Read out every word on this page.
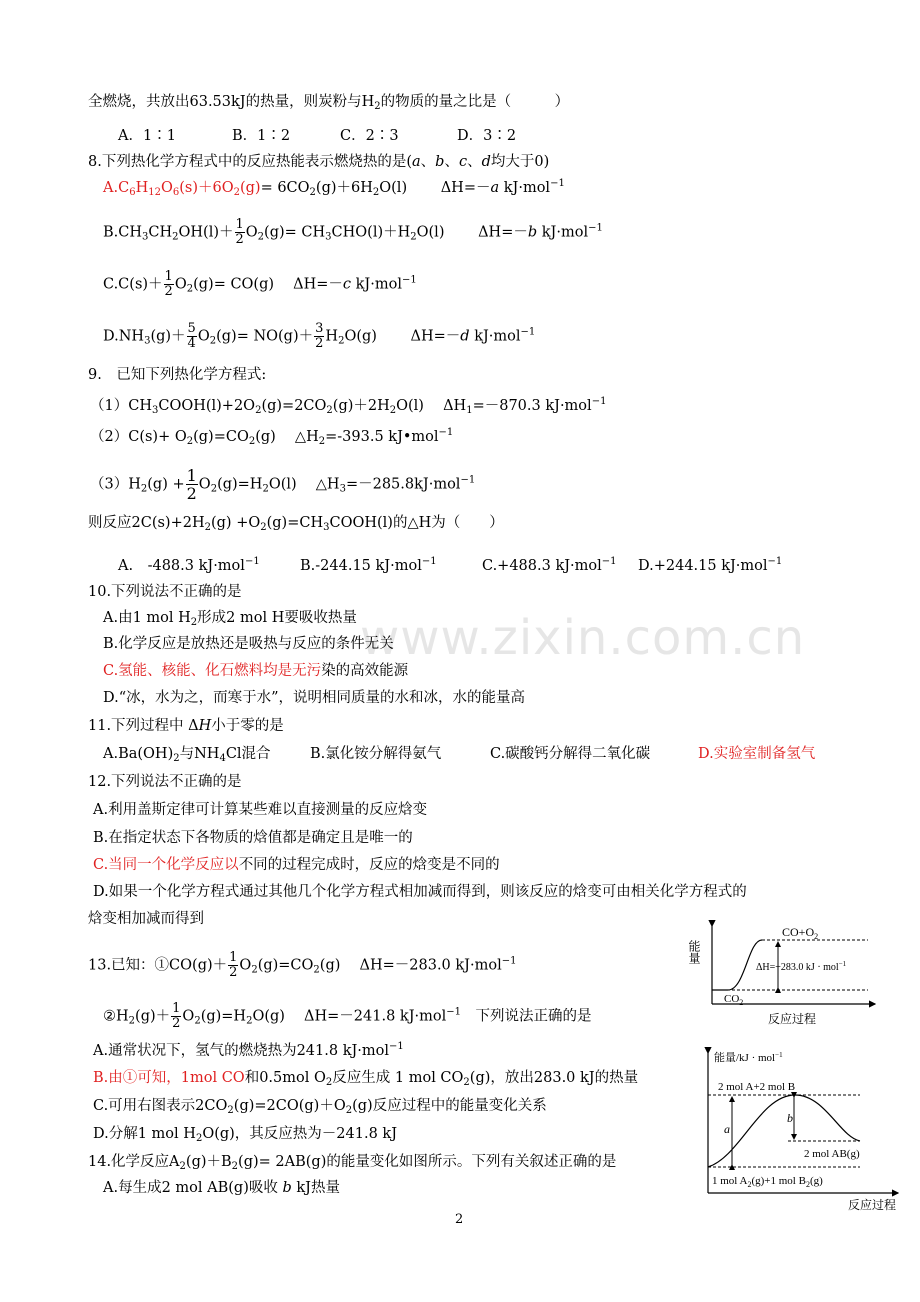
www.zixin.com.cn
全燃烧，共放出63.53kJ的热量，则炭粉与$H_2$的物质的量之比是（　　　）
A．1∶1	B．1∶2	C．2∶3	D．3∶2
8.下列热化学方程式中的反应热能表示燃烧热的是(a、b、c、d均大于0)
$A.C_6H_{12}O_6(s)+6O_2(g)= 6CO_2(g)+6H_2O(l)$　　 ΔH=－a kJ·mol$^{-1}$
$B.CH_3CH_2OH(l)+ \frac{1}{2} O_2(g)= CH_3CHO(l)+H_2O(l)$　　 ΔH=－b kJ·mol$^{-1}$
$C.C(s)+ \frac{1}{2} O_2(g)= CO(g)$　 ΔH=－c kJ·mol$^{-1}$
$D.NH_3(g)+ \frac{5}{4} O_2(g)= NO(g)+ \frac{3}{2} H_2O(g)$　　 ΔH=－d kJ·mol$^{-1}$
9.　已知下列热化学方程式:
$(1)CH_3COOH(l)+2O_2(g)=2CO_2(g)+2H_2O(l)$　 $\Delta H_1=-870.3$ kJ·mol$^{-1}$
$(2)C(s)+ O_2(g)=CO_2(g)$　 $\triangle H_2=-393.5$ kJ•mol$^{-1}$
$(3)H_2(g) + \frac{1}{2} O_2(g)=H_2O(l)$　 $\triangle H_3=-285.8kJ\cdot mol^{-1}$
则反应$2C(s)+2H_2(g)$ $+O_2(g)=CH_3COOH(l)$的△H为（　　）
A.　-488.3 kJ·mol$^{-1}$	B.-244.15 kJ·mol$^{-1}$	C.+488.3 kJ·mol$^{-1}$ D.+244.15 kJ·mol$^{-1}$
10.下列说法不正确的是
A.由1 mol $H_2$形成2 mol H要吸收热量
B.化学反应是放热还是吸热与反应的条件无关
C.氢能、核能、化石燃料均是无污染的高效能源
D.“冰，水为之，而寒于水”，说明相同质量的水和冰，水的能量高
11.下列过程中 ΔH小于零的是
$A.Ba(OH)_2$与$NH_4Cl$混合	B.氯化铵分解得氨气	C.碳酸钙分解得二氧化碳	D.实验室制备氢气
12.下列说法不正确的是
A.利用盖斯定律可计算某些难以直接测量的反应焓变
B.在指定状态下各物质的焓值都是确定且是唯一的
C.当同一个化学反应以不同的过程完成时，反应的焓变是不同的
D.如果一个化学方程式通过其他几个化学方程式相加减而得到，则该反应的焓变可由相关化学方程式的
焓变相加减而得到
13.已知：①CO(g)＋ $\frac{1}{2} O_2(g)=CO_2(g)$　 ΔH=－283.0 kJ·mol$^{-1}$
$②H_2(g)+ \frac{1}{2} O_2(g)=H_2O(g)$　 ΔH=－241.8 kJ·mol$^{-1}$　下列说法正确的是
A.通常状况下，氢气的燃烧热为241.8 kJ·mol$^{-1}$
B.由①可知，1mol CO和0.5mol $O_2$反应生成 1 mol $CO_2(g)$，放出283.0 kJ的热量
C.可用右图表示$2CO_2(g)=2CO(g)+O_2(g)$反应过程中的能量变化关系
D.分解1 mol $H_2O(g)$，其反应热为－241.8 kJ
14.化学反应$A_2(g)+B_2(g)= 2AB(g)$的能量变化如图所示。下列有关叙述正确的是
A.每生成2 mol AB(g)吸收 b kJ热量
能量
$CO+O_2$
$CO_2$
ΔH=+283.0 kJ · mol$^{-1}$
反应过程
能量/kJ · mol$^{-1}$
2 mol A+2 mol B
a
b
2 mol AB(g)
1 mol $A_2(g)+1$ mol $B_2(g)$
反应过程
2
